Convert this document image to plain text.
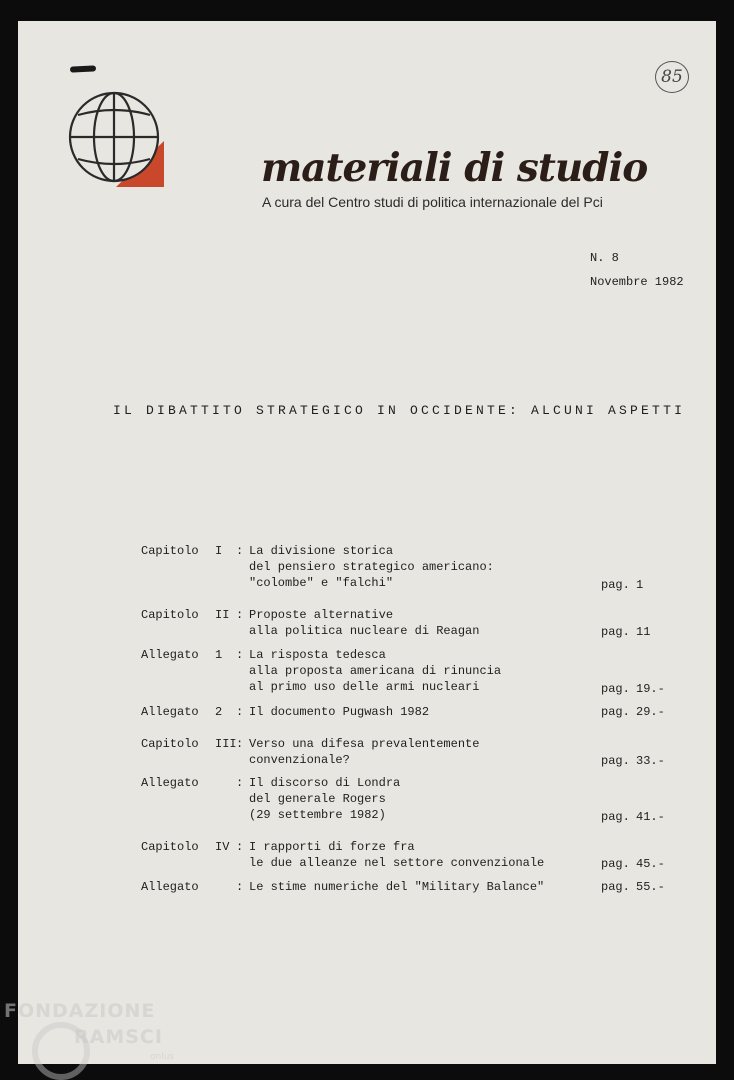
85
materiali di studio
A cura del Centro studi di politica internazionale del Pci
N. 8
Novembre 1982
IL DIBATTITO STRATEGICO IN OCCIDENTE: ALCUNI ASPETTI
Capitolo I : La divisione storica
del pensiero strategico americano:
"colombe" e "falchi"	pag. 1
Capitolo II : Proposte alternative
alla politica nucleare di Reagan	pag. 11
Allegato 1 : La risposta tedesca
alla proposta americana di rinuncia
al primo uso delle armi nucleari	pag. 19.-
Allegato 2 : Il documento Pugwash 1982	pag. 29.-
Capitolo III : Verso una difesa prevalentemente
convenzionale?	pag. 33.-
Allegato	: Il discorso di Londra
del generale Rogers
(29 settembre 1982)	pag. 41.-
Capitolo IV : I rapporti di forze fra
le due alleanze nel settore convenzionale	pag. 45.-
Allegato	: Le stime numeriche del "Military Balance"	pag. 55.-
FONDAZIONE
RAMSCI
onlus
